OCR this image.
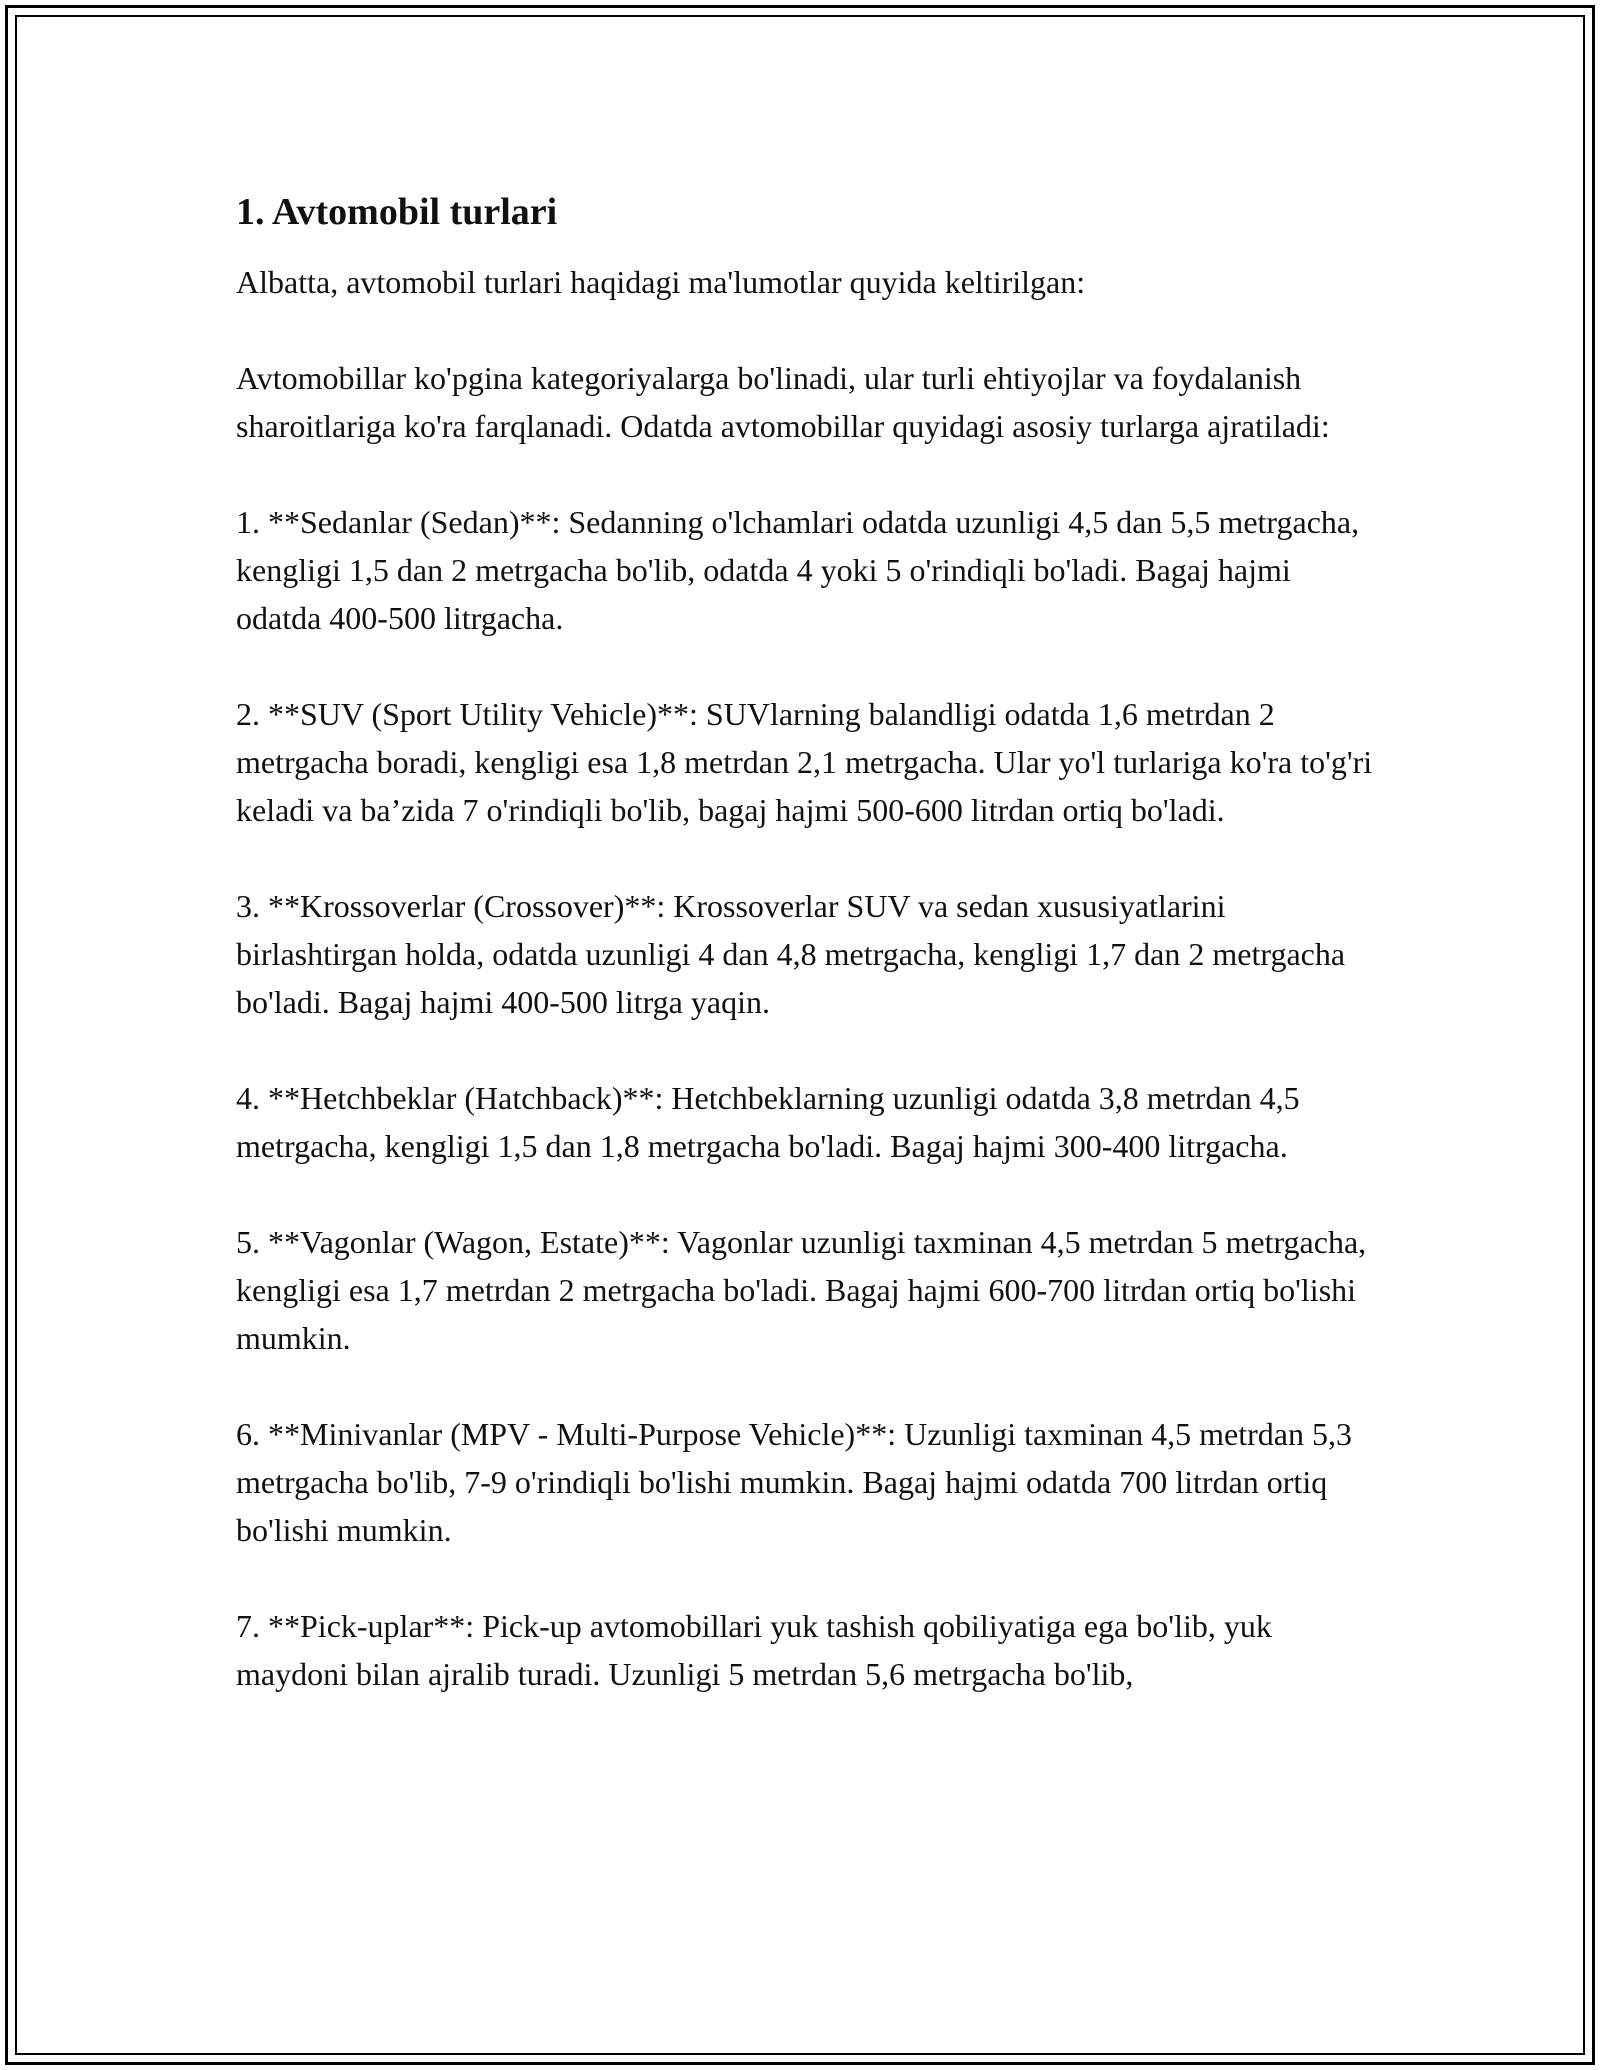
1. Avtomobil turlari

Albatta, avtomobil turlari haqidagi ma'lumotlar quyida keltirilgan:

Avtomobillar ko'pgina kategoriyalarga bo'linadi, ular turli ehtiyojlar va foydalanish sharoitlariga ko'ra farqlanadi. Odatda avtomobillar quyidagi asosiy turlarga ajratiladi:

1. **Sedanlar (Sedan)**: Sedanning o'lchamlari odatda uzunligi 4,5 dan 5,5 metrgacha, kengligi 1,5 dan 2 metrgacha bo'lib, odatda 4 yoki 5 o'rindiqli bo'ladi. Bagaj hajmi odatda 400-500 litrgacha.

2. **SUV (Sport Utility Vehicle)**: SUVlarning balandligi odatda 1,6 metrdan 2 metrgacha boradi, kengligi esa 1,8 metrdan 2,1 metrgacha. Ular yo'l turlariga ko'ra to'g'ri keladi va ba’zida 7 o'rindiqli bo'lib, bagaj hajmi 500-600 litrdan ortiq bo'ladi.

3. **Krossoverlar (Crossover)**: Krossoverlar SUV va sedan xususiyatlarini birlashtirgan holda, odatda uzunligi 4 dan 4,8 metrgacha, kengligi 1,7 dan 2 metrgacha bo'ladi. Bagaj hajmi 400-500 litrga yaqin.

4. **Hetchbeklar (Hatchback)**: Hetchbeklarning uzunligi odatda 3,8 metrdan 4,5 metrgacha, kengligi 1,5 dan 1,8 metrgacha bo'ladi. Bagaj hajmi 300-400 litrgacha.

5. **Vagonlar (Wagon, Estate)**: Vagonlar uzunligi taxminan 4,5 metrdan 5 metrgacha, kengligi esa 1,7 metrdan 2 metrgacha bo'ladi. Bagaj hajmi 600-700 litrdan ortiq bo'lishi mumkin.

6. **Minivanlar (MPV - Multi-Purpose Vehicle)**: Uzunligi taxminan 4,5 metrdan 5,3 metrgacha bo'lib, 7-9 o'rindiqli bo'lishi mumkin. Bagaj hajmi odatda 700 litrdan ortiq bo'lishi mumkin.

7. **Pick-uplar**: Pick-up avtomobillari yuk tashish qobiliyatiga ega bo'lib, yuk maydoni bilan ajralib turadi. Uzunligi 5 metrdan 5,6 metrgacha bo'lib,
